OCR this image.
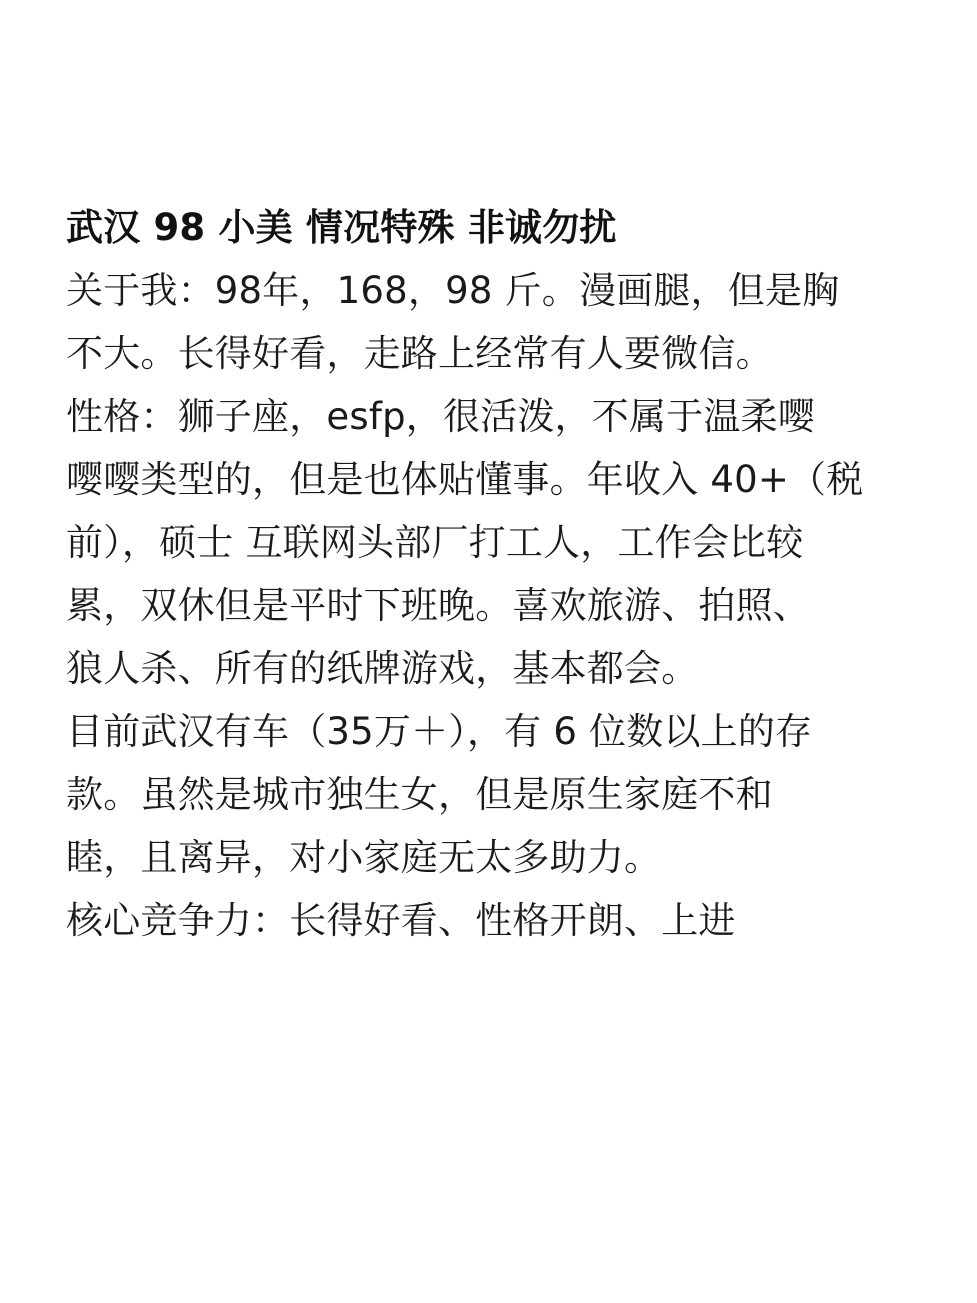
武汉 98 小美 情况特殊 非诚勿扰
关于我：98年，168，98 斤。漫画腿，但是胸
不大。长得好看，走路上经常有人要微信。
性格：狮子座，esfp，很活泼，不属于温柔嘤
嘤嘤类型的，但是也体贴懂事。年收入 40+（税
前），硕士 互联网头部厂打工人，工作会比较
累，双休但是平时下班晚。喜欢旅游、拍照、
狼人杀、所有的纸牌游戏，基本都会。
目前武汉有车（35万＋），有 6 位数以上的存
款。虽然是城市独生女，但是原生家庭不和
睦，且离异，对小家庭无太多助力。
核心竞争力：长得好看、性格开朗、上进
